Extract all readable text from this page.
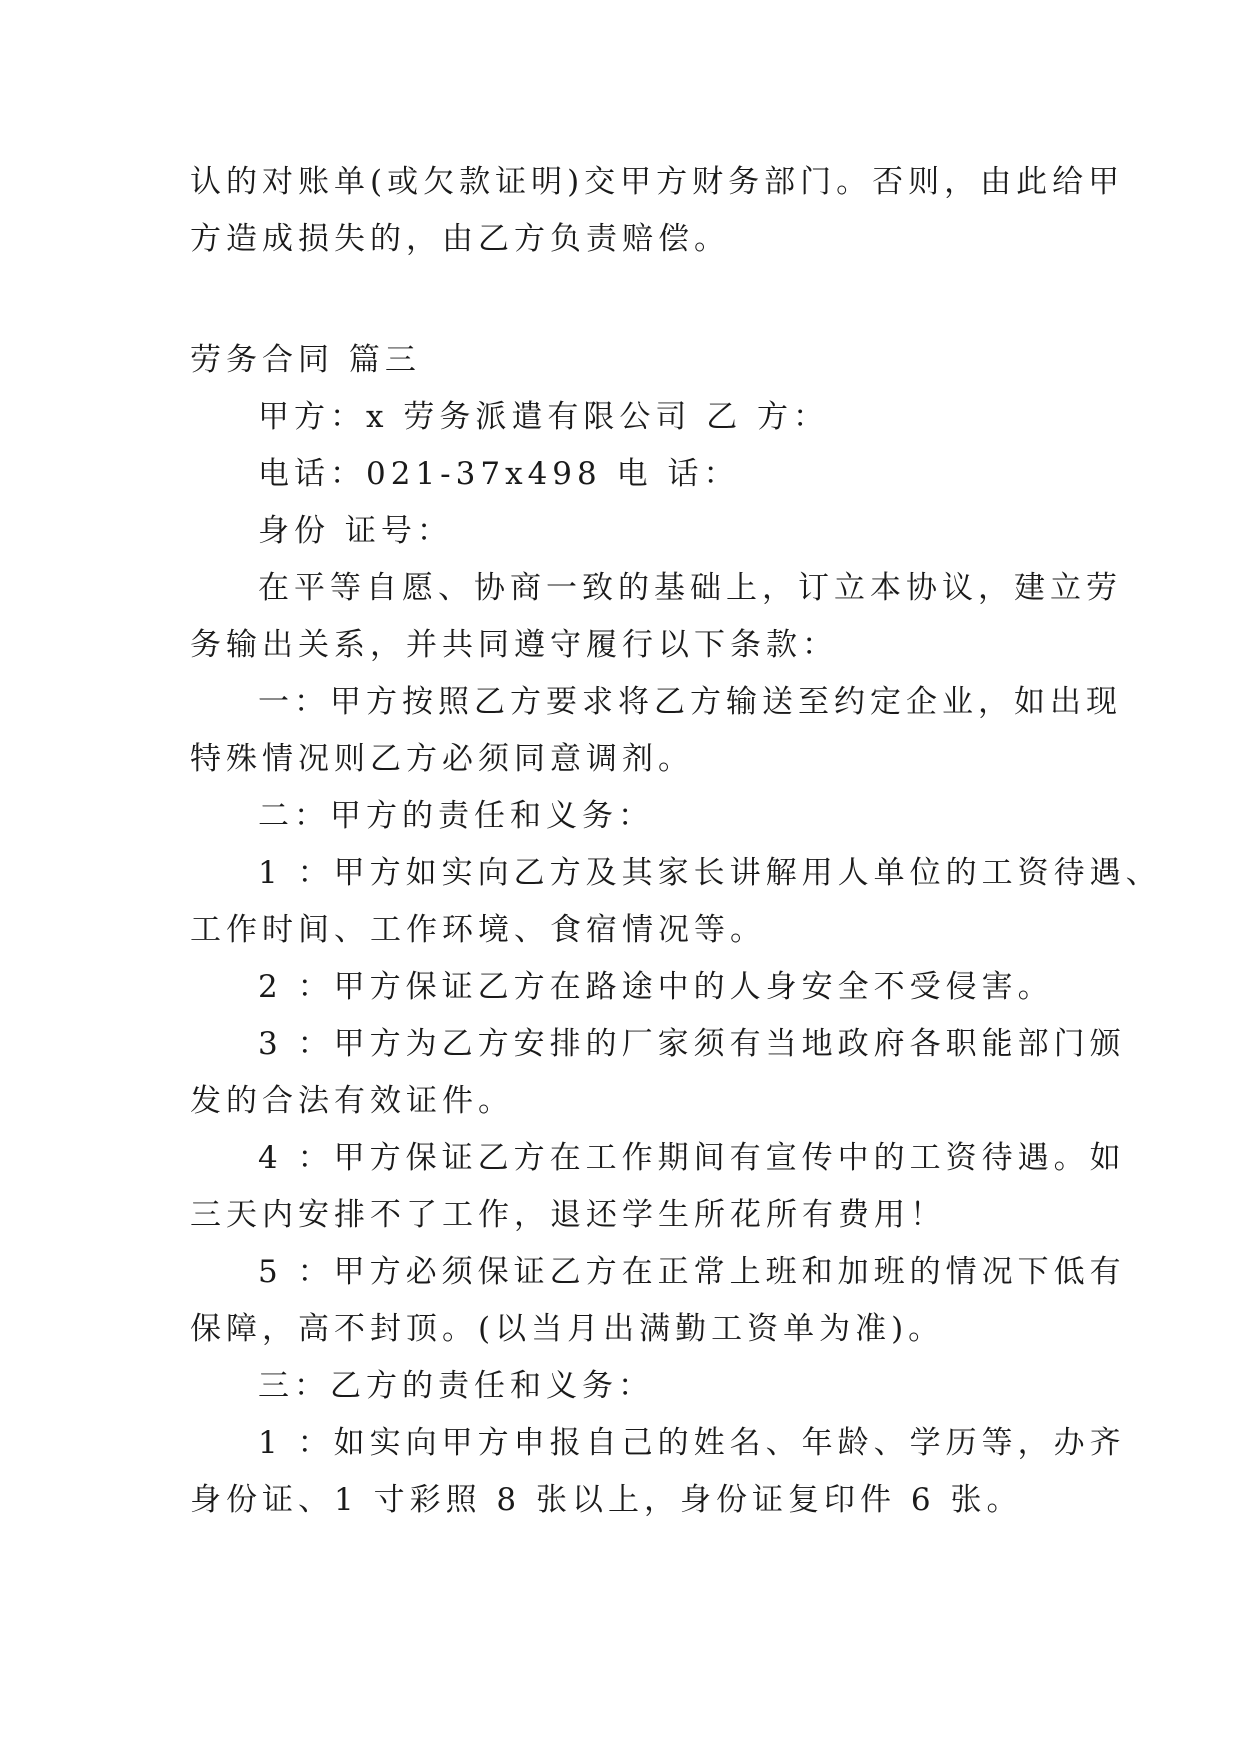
认的对账单(或欠款证明)交甲方财务部门。否则，由此给甲
方造成损失的，由乙方负责赔偿。
劳务合同 篇三
甲方：x 劳务派遣有限公司 乙 方：
电话：021-37x498 电 话：
身份 证号：
在平等自愿、协商一致的基础上，订立本协议，建立劳
务输出关系，并共同遵守履行以下条款：
一：甲方按照乙方要求将乙方输送至约定企业，如出现
特殊情况则乙方必须同意调剂。
二：甲方的责任和义务：
1 ：甲方如实向乙方及其家长讲解用人单位的工资待遇、
工作时间、工作环境、食宿情况等。
2 ：甲方保证乙方在路途中的人身安全不受侵害。
3 ：甲方为乙方安排的厂家须有当地政府各职能部门颁
发的合法有效证件。
4 ：甲方保证乙方在工作期间有宣传中的工资待遇。如
三天内安排不了工作，退还学生所花所有费用！
5 ：甲方必须保证乙方在正常上班和加班的情况下低有
保障，高不封顶。(以当月出满勤工资单为准)。
三：乙方的责任和义务：
1 ：如实向甲方申报自己的姓名、年龄、学历等，办齐
身份证、1 寸彩照 8 张以上，身份证复印件 6 张。
